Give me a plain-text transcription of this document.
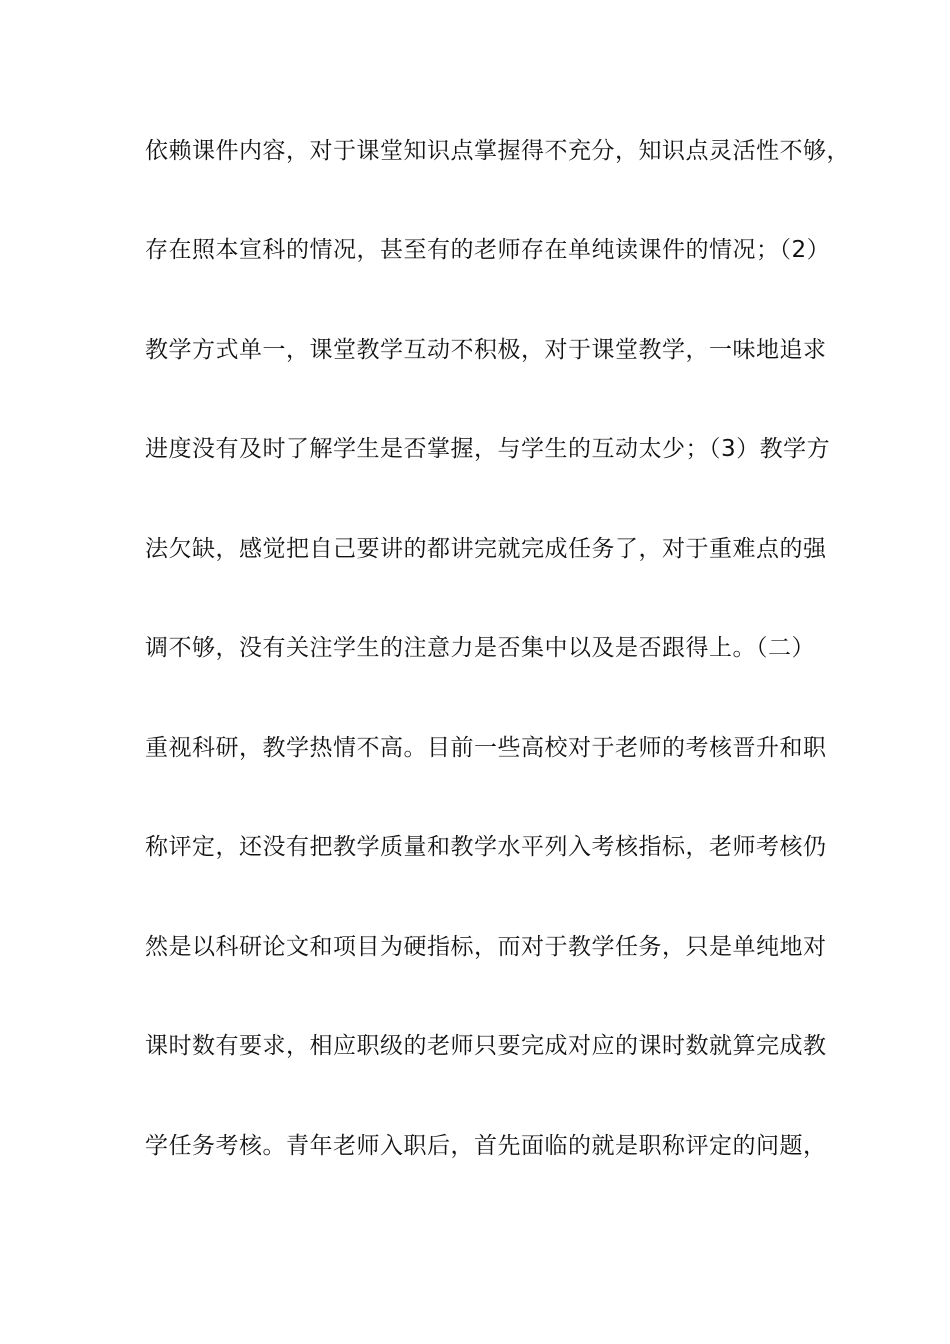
依赖课件内容，对于课堂知识点掌握得不充分，知识点灵活性不够，
存在照本宣科的情况，甚至有的老师存在单纯读课件的情况；（2）
教学方式单一，课堂教学互动不积极，对于课堂教学，一味地追求
进度没有及时了解学生是否掌握，与学生的互动太少；（3）教学方
法欠缺，感觉把自己要讲的都讲完就完成任务了，对于重难点的强
调不够，没有关注学生的注意力是否集中以及是否跟得上。（二）
重视科研，教学热情不高。目前一些高校对于老师的考核晋升和职
称评定，还没有把教学质量和教学水平列入考核指标，老师考核仍
然是以科研论文和项目为硬指标，而对于教学任务，只是单纯地对
课时数有要求，相应职级的老师只要完成对应的课时数就算完成教
学任务考核。青年老师入职后，首先面临的就是职称评定的问题，
